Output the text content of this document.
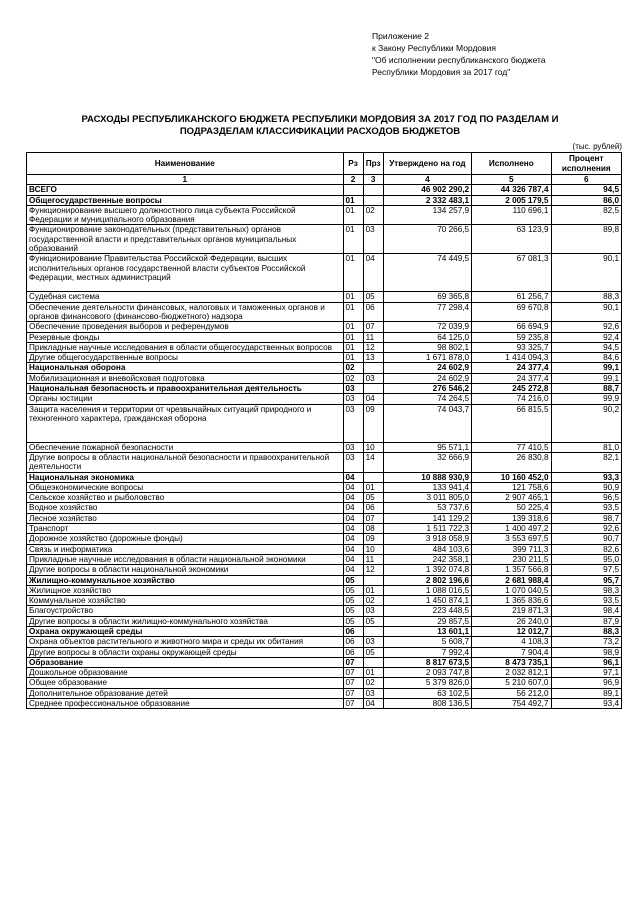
Приложение 2
к Закону Республики Мордовия
"Об исполнении республиканского бюджета
Республики Мордовия за 2017 год"
РАСХОДЫ РЕСПУБЛИКАНСКОГО БЮДЖЕТА РЕСПУБЛИКИ МОРДОВИЯ ЗА 2017 ГОД ПО РАЗДЕЛАМ И
ПОДРАЗДЕЛАМ КЛАССИФИКАЦИИ РАСХОДОВ БЮДЖЕТОВ
(тыс. рублей)
Наименование	Рз	Прз	Утверждено на год	Исполнено	Процент исполнения
1	2	3	4	5	6
ВСЕГО			46 902 290,2	44 326 787,4	94,5
Общегосударственные вопросы	01		2 332 483,1	2 005 179,5	86,0
Функционирование высшего должностного лица субъекта Российской Федерации и муниципального образования	01	02	134 257,9	110 696,1	82,5
Функционирование законодательных (представительных) органов государственной власти и представительных органов муниципальных образований	01	03	70 266,5	63 123,9	89,8
Функционирование Правительства Российской Федерации, высших исполнительных органов государственной власти субъектов Российской Федерации, местных администраций	01	04	74 449,5	67 081,3	90,1
Судебная система	01	05	69 365,8	61 256,7	88,3
Обеспечение деятельности финансовых, налоговых и таможенных органов и органов финансового (финансово-бюджетного) надзора	01	06	77 298,4	69 670,8	90,1
Обеспечение проведения выборов и референдумов	01	07	72 039,9	66 694,9	92,6
Резервные фонды	01	11	64 125,0	59 235,8	92,4
Прикладные научные исследования в области общегосударственных вопросов	01	12	98 802,1	93 325,7	94,5
Другие общегосударственные вопросы	01	13	1 671 878,0	1 414 094,3	84,6
Национальная оборона	02		24 602,9	24 377,4	99,1
Мобилизационная и вневойсковая подготовка	02	03	24 602,9	24 377,4	99,1
Национальная безопасность и правоохранительная деятельность	03		276 546,2	245 272,8	88,7
Органы юстиции	03	04	74 264,5	74 216,0	99,9
Защита населения и территории от чрезвычайных ситуаций природного и техногенного характера, гражданская оборона	03	09	74 043,7	66 815,5	90,2
Обеспечение пожарной безопасности	03	10	95 571,1	77 410,5	81,0
Другие вопросы в области национальной безопасности и правоохранительной деятельности	03	14	32 666,9	26 830,8	82,1
Национальная экономика	04		10 888 930,9	10 160 452,0	93,3
Общеэкономические вопросы	04	01	133 941,4	121 758,6	90,9
Сельское хозяйство и рыболовство	04	05	3 011 805,0	2 907 465,1	96,5
Водное хозяйство	04	06	53 737,6	50 225,4	93,5
Лесное хозяйство	04	07	141 129,2	139 318,6	98,7
Транспорт	04	08	1 511 722,3	1 400 497,2	92,6
Дорожное хозяйство (дорожные фонды)	04	09	3 918 058,9	3 553 697,5	90,7
Связь и информатика	04	10	484 103,6	399 711,3	82,6
Прикладные научные исследования в области национальной экономики	04	11	242 358,1	230 211,5	95,0
Другие вопросы в области национальной экономики	04	12	1 392 074,8	1 357 566,8	97,5
Жилищно-коммунальное хозяйство	05		2 802 196,6	2 681 988,4	95,7
Жилищное хозяйство	05	01	1 088 016,5	1 070 040,5	98,3
Коммунальное хозяйство	05	02	1 450 874,1	1 365 836,6	93,5
Благоустройство	05	03	223 448,5	219 871,3	98,4
Другие вопросы в области жилищно-коммунального хозяйства	05	05	29 857,5	26 240,0	87,9
Охрана окружающей среды	06		13 601,1	12 012,7	88,3
Охрана объектов растительного и животного мира и среды их обитания	06	03	5 608,7	4 108,3	73,2
Другие вопросы в области охраны окружающей среды	06	05	7 992,4	7 904,4	98,9
Образование	07		8 817 673,5	8 473 735,1	96,1
Дошкольное образование	07	01	2 093 747,8	2 032 812,1	97,1
Общее образование	07	02	5 379 826,0	5 210 607,0	96,9
Дополнительное образование детей	07	03	63 102,5	56 212,0	89,1
Среднее профессиональное образование	07	04	808 136,5	754 492,7	93,4
